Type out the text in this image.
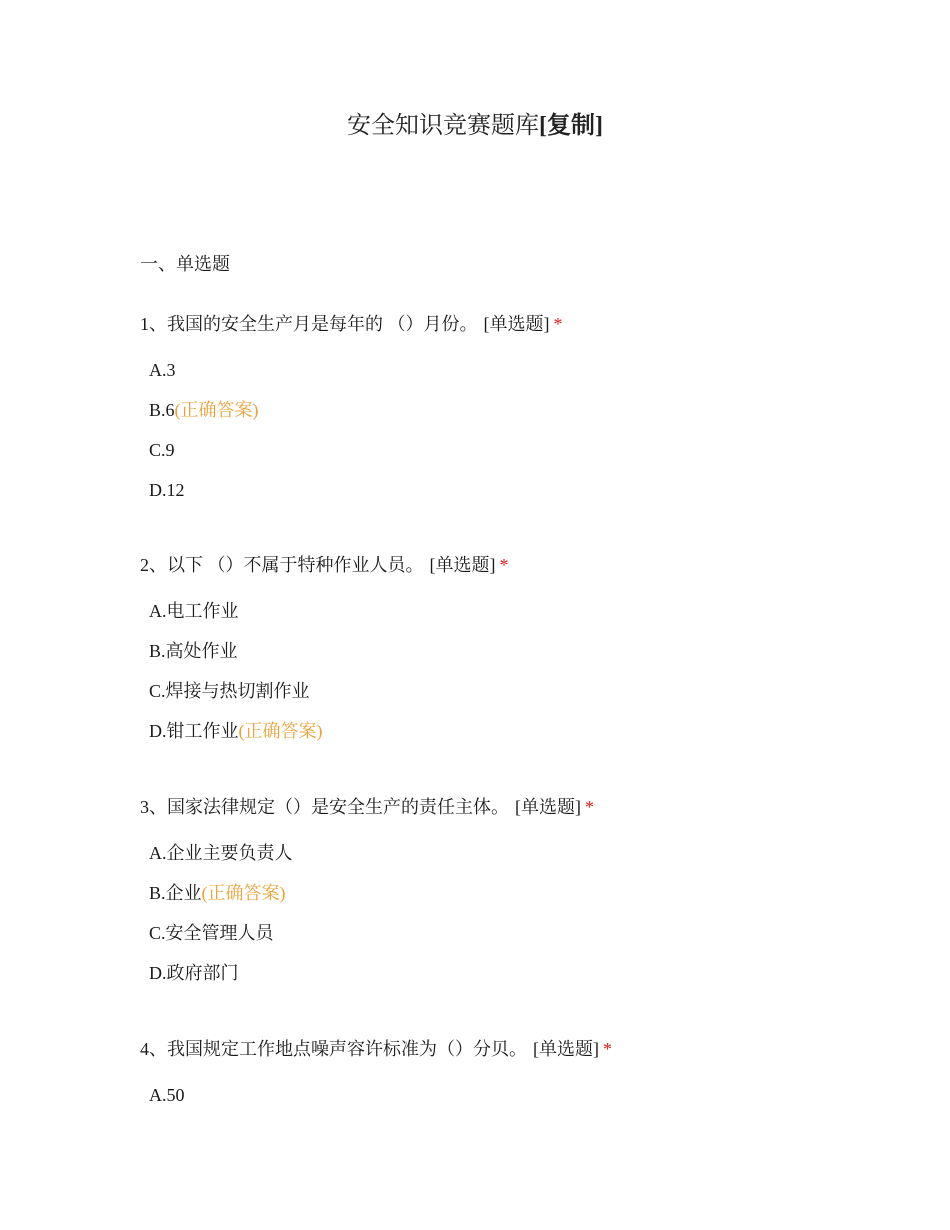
安全知识竞赛题库[复制]
一、单选题
1、我国的安全生产月是每年的 （）月份。 [单选题] *
A.3
B.6(正确答案)
C.9
D.12
2、以下 （）不属于特种作业人员。 [单选题] *
A.电工作业
B.高处作业
C.焊接与热切割作业
D.钳工作业(正确答案)
3、国家法律规定（）是安全生产的责任主体。 [单选题] *
A.企业主要负责人
B.企业(正确答案)
C.安全管理人员
D.政府部门
4、我国规定工作地点噪声容许标准为（）分贝。 [单选题] *
A.50
